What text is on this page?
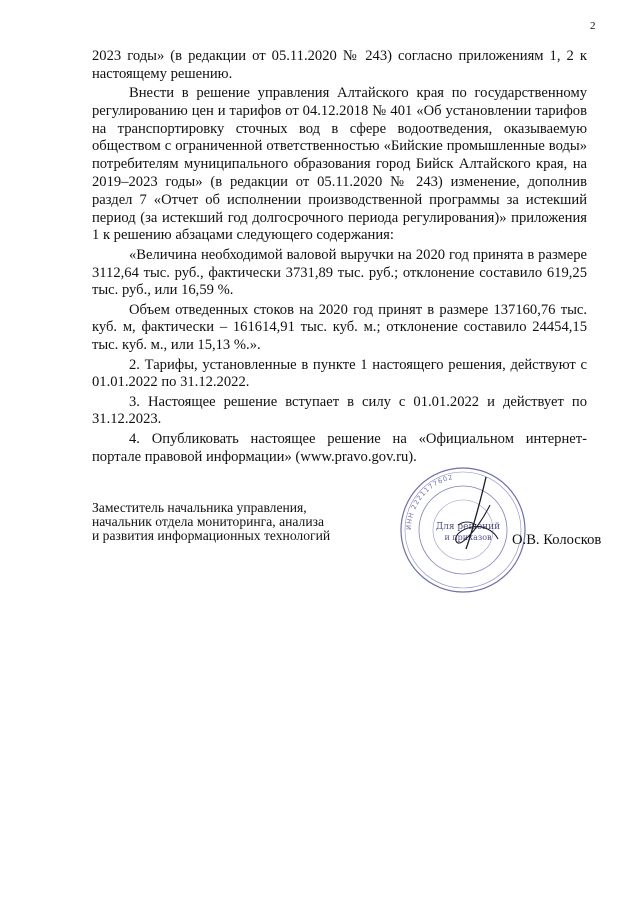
2

2023 годы» (в редакции от 05.11.2020 № 243) согласно приложениям 1, 2 к настоящему решению.

Внести в решение управления Алтайского края по государственному регулированию цен и тарифов от 04.12.2018 № 401 «Об установлении тарифов на транспортировку сточных вод в сфере водоотведения, оказываемую обществом с ограниченной ответственностью «Бийские промышленные воды» потребителям муниципального образования город Бийск Алтайского края, на 2019–2023 годы» (в редакции от 05.11.2020 № 243) изменение, дополнив раздел 7 «Отчет об исполнении производственной программы за истекший период (за истекший год долгосрочного периода регулирования)» приложения 1 к решению абзацами следующего содержания:

«Величина необходимой валовой выручки на 2020 год принята в размере 3112,64 тыс. руб., фактически 3731,89 тыс. руб.; отклонение составило 619,25 тыс. руб., или 16,59 %.

Объем отведенных стоков на 2020 год принят в размере 137160,76 тыс. куб. м, фактически – 161614,91 тыс. куб. м.; отклонение составило 24454,15 тыс. куб. м., или 15,13 %.».

2. Тарифы, установленные в пункте 1 настоящего решения, действуют с 01.01.2022 по 31.12.2022.

3. Настоящее решение вступает в силу с 01.01.2022 и действует по 31.12.2023.

4. Опубликовать настоящее решение на «Официальном интернет-портале правовой информации» (www.pravo.gov.ru).

Заместитель начальника управления,
начальник отдела мониторинга, анализа
и развития информационных технологий
ИНН 2221177602
Для решений
и приказов О.В. Колосков
